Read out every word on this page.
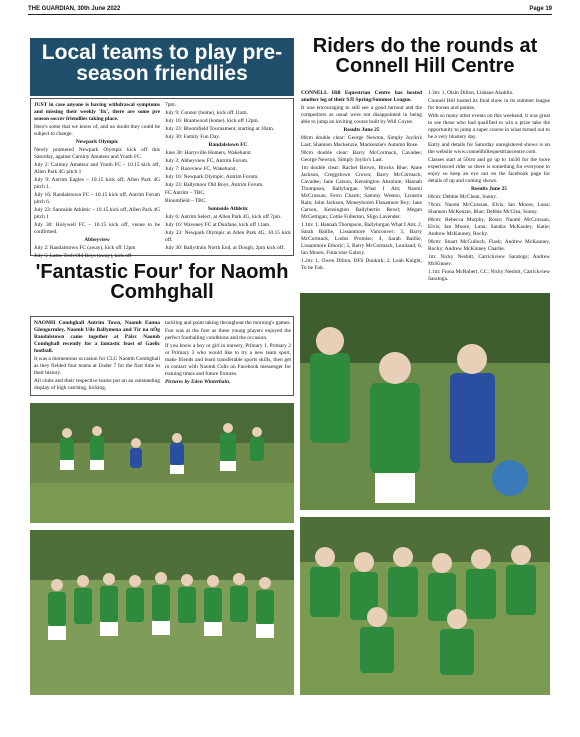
THE GUARDIAN, 30th June 2022	Page 19
Local teams to play pre-season friendlies

JUST in case anyone is having withdrawal symptoms and missing their weekly 'fix', there are some pre season soccer friendlies taking place.

Here's some that we know of, and no doubt they could be subject to change.

Newpark Olympic

Newly promoted Newpark Olympic kick off this Saturday, against Carniny Amateur and Youth FC.

July 2: Carniny Amateur and Youth FC – 10.15 kick off, Allen Park 4G pitch 1

July 9: Antrim Eagles – 10.15 kick off, Allen Park 4G pitch 1.

July 16: Randalstown FC – 10.15 kick off, Antrim Forum pitch 6.

July 23: Sunnside Athletic – 10.15 kick off, Allen Park 4G pitch 1

July 30: Holywell FC – 10.15 kick off, venue to be confirmed.

Abbeyview

July 2: Randalstown FC (away), kick off 12pm

July 5: Lame Tech Old Boys (away), kick off

7pm.

July 9: Connor (home), kick off 11am.

July 16: Brantwood (home), kick off 12pm.

July 23: Bloomfield Tournament, starting at 10am.

July 30: Family Fun Day.

Randalstown FC

June 30: Harryville Homers, Wakehurst.

July 2: Abbeyview FC, Antrim Forum.

July 7: Raceview FC, Wakehurst.

July 16: Newpark Olympic, Antrim Forum.

July 23: Ballymoor Old Boys, Antrim Forum.

FC Antrim – TBC.

Bloomfield – TBC.

Sunnside Athletic

July 6: Antrim Select, at Allen Park 4G, kick off 7pm.

July 16: Waveney FC at Dunfane, kick off 11am.

July 23: Newpark Olympic at Allen Park 4G, 10.15 kick off.

July 30: Ballydrain North End, at Dough, 2pm kick off.

Riders do the rounds at Connell Hill Centre

CONNELL Hill Equestrian Centre has hosted another leg of their SJI Spring/Summer League.

It was encouraging to still see a good turnout and the competitors as usual were not disappointed in being able to jump an inviting course built by Will Coyne.

Results June 25

80cm double clear: George Newton, Simply Joylin's Last; Shannon Mackenzie, Mackenzie's Autumn Rose.

90cm double clear: Barry McCormack, Cavadee; George Newton, Simply Joylin's Last.

1m double clear: Rachel Brown, Brocks Blue; Anne Jackson, Creggstown Crown; Barry McCormack, Cavadee; Jane Carson, Kensington Absolute; Hannah Thompson, Ballylurgan What I Am; Naomi McCrossan, Ferro Charm; Sammy Weston, Lyrastra Rain; John Jackson, Moneyboorn Flanamore Boy; Jane Carson, Kensington Ballyherrin Revel; Megan McGettigan; Cottie Fullerton, Sligo Lavender.

1.1m: 1, Hannah Thompson, Ballylurgan What I Am; 2, Sarah Baillie, Lissanmore Vancouver; 3, Barry McCormack, Lodos Promise; 4, Sarah Baillie, Lissanmore Ethoric; 5, Barry McCormack, Louilaud; 6, Ian Moore, Finncross Galaxy.

1.2m: 1, Owen Dillon, DFS Dunkirk; 2, Leah Knight, To be Fair.

1.3m: 1, Oisin Dillon, Lisbane Aladdin.

Connell Hill hosted its final show in its summer league for horses and ponies.

With so many other events on this weekend, it was great to see those who had qualified to win a prize take the opportunity to jump a super course in what turned out to be a very blustery day.

Entry and details for Saturday unregistered shows is on the website www.connellhillequestriancentre.com.

Classes start at 50cm and go up to 1m30 for the more experienced rider so there is something for everyone to enjoy so keep an eye out on the facebook page for details of up and coming shows.

Results June 25

60cm: Debbie McClean, Sunny.

70cm: Naomi McCrossan, Elvis; Ian Moore, Luna; Shannon McKenzie, Blue; Debbie McClea, Sunny.

80cm: Rebecca Murphy, Rosie; Naomi McCrossan, Elvis; Ian Moore, Luna; Sandra McKauley, Katie; Andrew McKauney, Rocky.

90cm: Stuart McCulloch, Flash; Andrew McKauney, Rocky; Andrew McKinney Charlie.

1m: Nicky Nesbitt, Carrickview Saratogs; Andrew McKinney.

1.1m: Fiona McRobert, CC; Nicky Nesbitt, Carrickview Saratoga.

'Fantastic Four' for Naomh Comhghall

NAOMH Comhghall Antrim Town, Naomh Eanna Glengormley, Naomh Uile Ballymena and Tír na nÓg Randalstown came together at Páirc Naomh Comhghall recently for a fantastic feast of Gaelic football.

It was a momentous occasion for CLG Naomh Comhghall as they fielded four teams at Under 7 for the first time in their history.

All clubs and their respective teams put on an outstanding display of high catching, kicking,

tackling and point taking throughout the morning's games.

Fun was at the fore as these young players enjoyed the perfect footballing conditions and the occasion.

If you know a boy or girl in nursery, Primary 1, Primary 2 or Primary 3 who would like to try a new team sport, make friends and learn transferable sports skills, then get in contact with Naomh Colls on Facebook messenger for training times and future fixtures.

Pictures by Eden Winterbain.
